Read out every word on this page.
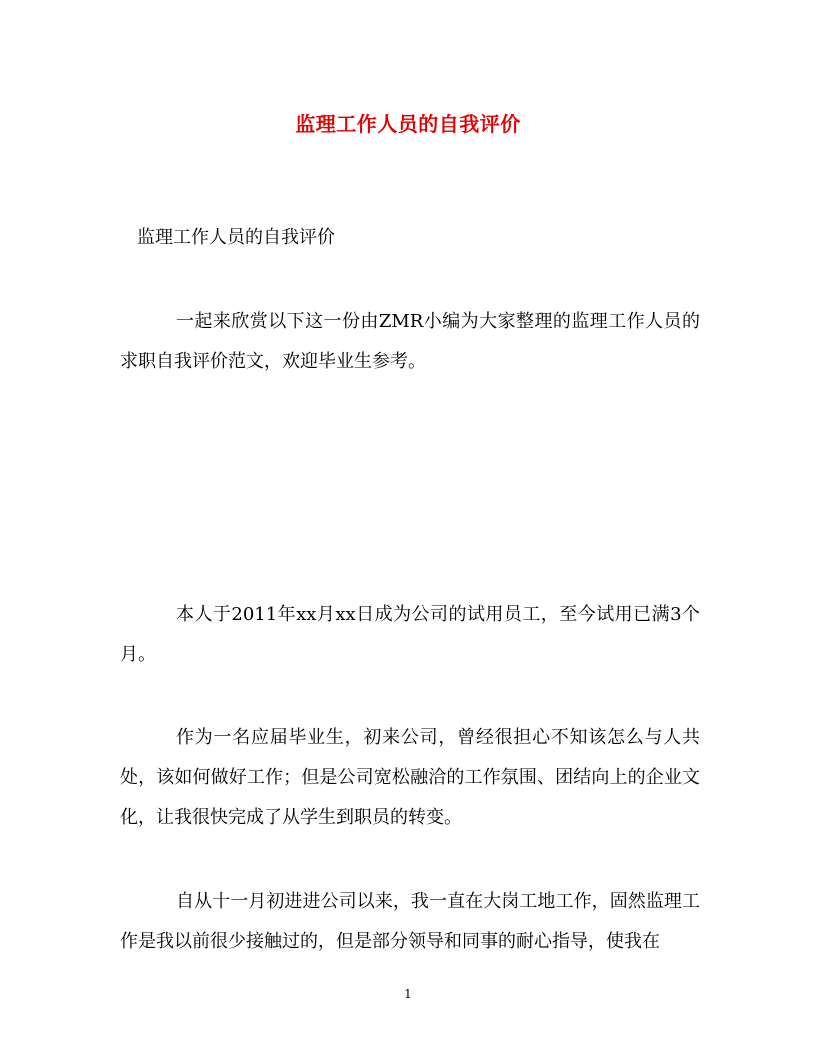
监理工作人员的自我评价
监理工作人员的自我评价

一起来欣赏以下这一份由ZMR小编为大家整理的监理工作人员的求职自我评价范文，欢迎毕业生参考。

本人于2011年xx月xx日成为公司的试用员工，至今试用已满3个月。

作为一名应届毕业生，初来公司，曾经很担心不知该怎么与人共处，该如何做好工作；但是公司宽松融洽的工作氛围、团结向上的企业文化，让我很快完成了从学生到职员的转变。

自从十一月初进进公司以来，我一直在大岗工地工作，固然监理工作是我以前很少接触过的，但是部分领导和同事的耐心指导，使我在

1
